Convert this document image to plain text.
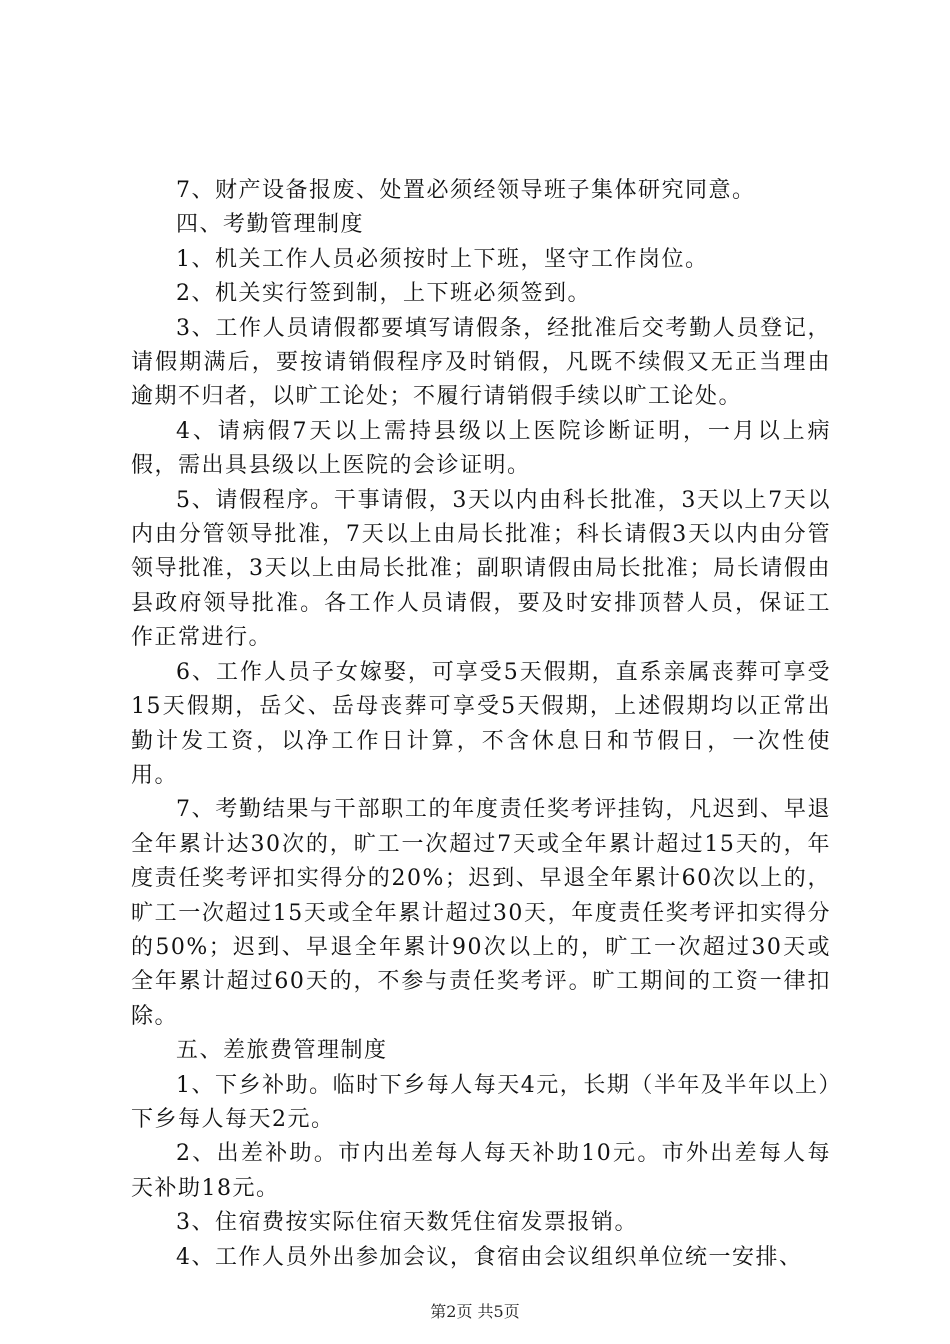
7、财产设备报废、处置必须经领导班子集体研究同意。

四、考勤管理制度

1、机关工作人员必须按时上下班，坚守工作岗位。

2、机关实行签到制，上下班必须签到。

3、工作人员请假都要填写请假条，经批准后交考勤人员登记，请假期满后，要按请销假程序及时销假，凡既不续假又无正当理由逾期不归者，以旷工论处；不履行请销假手续以旷工论处。

4、请病假7天以上需持县级以上医院诊断证明，一月以上病假，需出具县级以上医院的会诊证明。

5、请假程序。干事请假，3天以内由科长批准，3天以上7天以内由分管领导批准，7天以上由局长批准；科长请假3天以内由分管领导批准，3天以上由局长批准；副职请假由局长批准；局长请假由县政府领导批准。各工作人员请假，要及时安排顶替人员，保证工作正常进行。

6、工作人员子女嫁娶，可享受5天假期，直系亲属丧葬可享受15天假期，岳父、岳母丧葬可享受5天假期，上述假期均以正常出勤计发工资，以净工作日计算，不含休息日和节假日，一次性使用。

7、考勤结果与干部职工的年度责任奖考评挂钩，凡迟到、早退全年累计达30次的，旷工一次超过7天或全年累计超过15天的，年度责任奖考评扣实得分的20%；迟到、早退全年累计60次以上的，旷工一次超过15天或全年累计超过30天，年度责任奖考评扣实得分的50%；迟到、早退全年累计90次以上的，旷工一次超过30天或全年累计超过60天的，不参与责任奖考评。旷工期间的工资一律扣除。

五、差旅费管理制度

1、下乡补助。临时下乡每人每天4元，长期（半年及半年以上）下乡每人每天2元。

2、出差补助。市内出差每人每天补助10元。市外出差每人每天补助18元。

3、住宿费按实际住宿天数凭住宿发票报销。

4、工作人员外出参加会议，食宿由会议组织单位统一安排、

第2页 共5页
